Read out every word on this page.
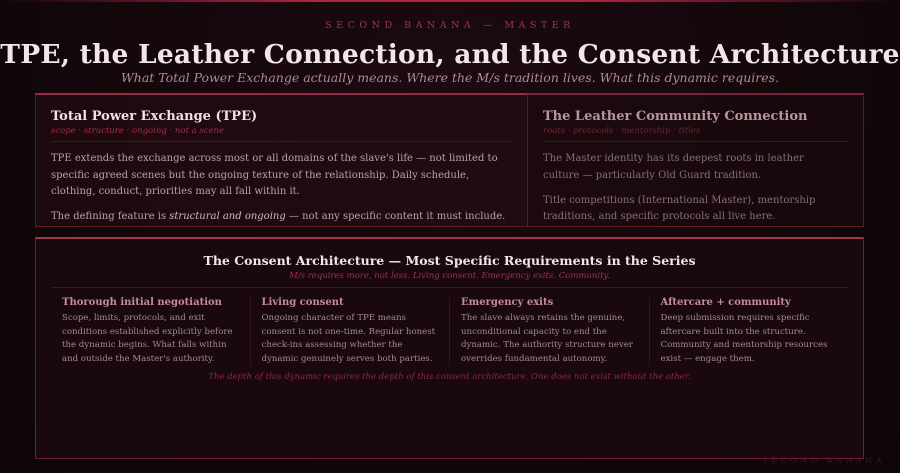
SECOND BANANA — MASTER
TPE, the Leather Connection, and the Consent Architecture
What Total Power Exchange actually means. Where the M/s tradition lives. What this dynamic requires.
Total Power Exchange (TPE)
scope · structure · ongoing · not a scene

TPE extends the exchange across most or all domains of the slave's life — not limited to specific agreed scenes but the ongoing texture of the relationship. Daily schedule, clothing, conduct, priorities may all fall within it.

The defining feature is structural and ongoing — not any specific content it must include.

The Leather Community Connection
roots · protocols · mentorship · titles

The Master identity has its deepest roots in leather culture — particularly Old Guard tradition.

Title competitions (International Master), mentorship traditions, and specific protocols all live here.

The Consent Architecture — Most Specific Requirements in the Series
M/s requires more, not less. Living consent. Emergency exits. Community.
Thorough initial negotiation
Scope, limits, protocols, and exit conditions established explicitly before the dynamic begins. What falls within and outside the Master's authority.
Living consent
Ongoing character of TPE means consent is not one-time. Regular honest check-ins assessing whether the dynamic genuinely serves both parties.
Emergency exits
The slave always retains the genuine, unconditional capacity to end the dynamic. The authority structure never overrides fundamental autonomy.
Aftercare + community
Deep submission requires specific aftercare built into the structure. Community and mentorship resources exist — engage them.
The depth of this dynamic requires the depth of this consent architecture. One does not exist without the other.
SECOND BANANA
